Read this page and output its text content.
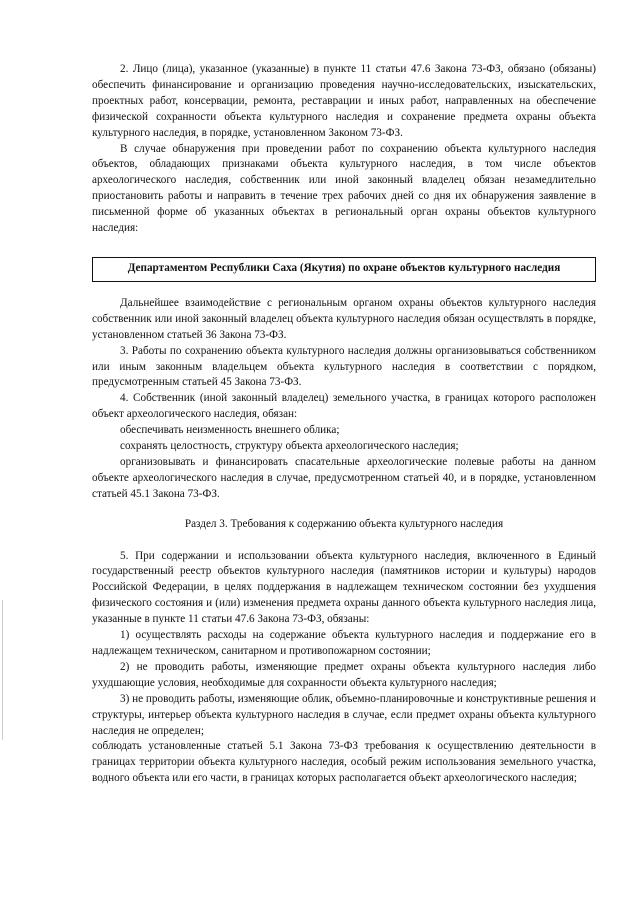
2. Лицо (лица), указанное (указанные) в пункте 11 статьи 47.6 Закона 73-ФЗ, обязано (обязаны) обеспечить финансирование и организацию проведения научно-исследовательских, изыскательских, проектных работ, консервации, ремонта, реставрации и иных работ, направленных на обеспечение физической сохранности объекта культурного наследия и сохранение предмета охраны объекта культурного наследия, в порядке, установленном Законом 73-ФЗ.

В случае обнаружения при проведении работ по сохранению объекта культурного наследия объектов, обладающих признаками объекта культурного наследия, в том числе объектов археологического наследия, собственник или иной законный владелец обязан незамедлительно приостановить работы и направить в течение трех рабочих дней со дня их обнаружения заявление в письменной форме об указанных объектах в региональный орган охраны объектов культурного наследия:

Департаментом Республики Саха (Якутия) по охране объектов культурного наследия

Дальнейшее взаимодействие с региональным органом охраны объектов культурного наследия собственник или иной законный владелец объекта культурного наследия обязан осуществлять в порядке, установленном статьей 36 Закона 73-ФЗ.

3. Работы по сохранению объекта культурного наследия должны организовываться собственником или иным законным владельцем объекта культурного наследия в соответствии с порядком, предусмотренным статьей 45 Закона 73-ФЗ.

4. Собственник (иной законный владелец) земельного участка, в границах которого расположен объект археологического наследия, обязан:

обеспечивать неизменность внешнего облика;

сохранять целостность, структуру объекта археологического наследия;

организовывать и финансировать спасательные археологические полевые работы на данном объекте археологического наследия в случае, предусмотренном статьей 40, и в порядке, установленном статьей 45.1 Закона 73-ФЗ.

Раздел 3. Требования к содержанию объекта культурного наследия

5. При содержании и использовании объекта культурного наследия, включенного в Единый государственный реестр объектов культурного наследия (памятников истории и культуры) народов Российской Федерации, в целях поддержания в надлежащем техническом состоянии без ухудшения физического состояния и (или) изменения предмета охраны данного объекта культурного наследия лица, указанные в пункте 11 статьи 47.6 Закона 73-ФЗ, обязаны:

1) осуществлять расходы на содержание объекта культурного наследия и поддержание его в надлежащем техническом, санитарном и противопожарном состоянии;

2) не проводить работы, изменяющие предмет охраны объекта культурного наследия либо ухудшающие условия, необходимые для сохранности объекта культурного наследия;

3) не проводить работы, изменяющие облик, объемно-планировочные и конструктивные решения и структуры, интерьер объекта культурного наследия в случае, если предмет охраны объекта культурного наследия не определен;

соблюдать установленные статьей 5.1 Закона 73-ФЗ требования к осуществлению деятельности в границах территории объекта культурного наследия, особый режим использования земельного участка, водного объекта или его части, в границах которых располагается объект археологического наследия;
